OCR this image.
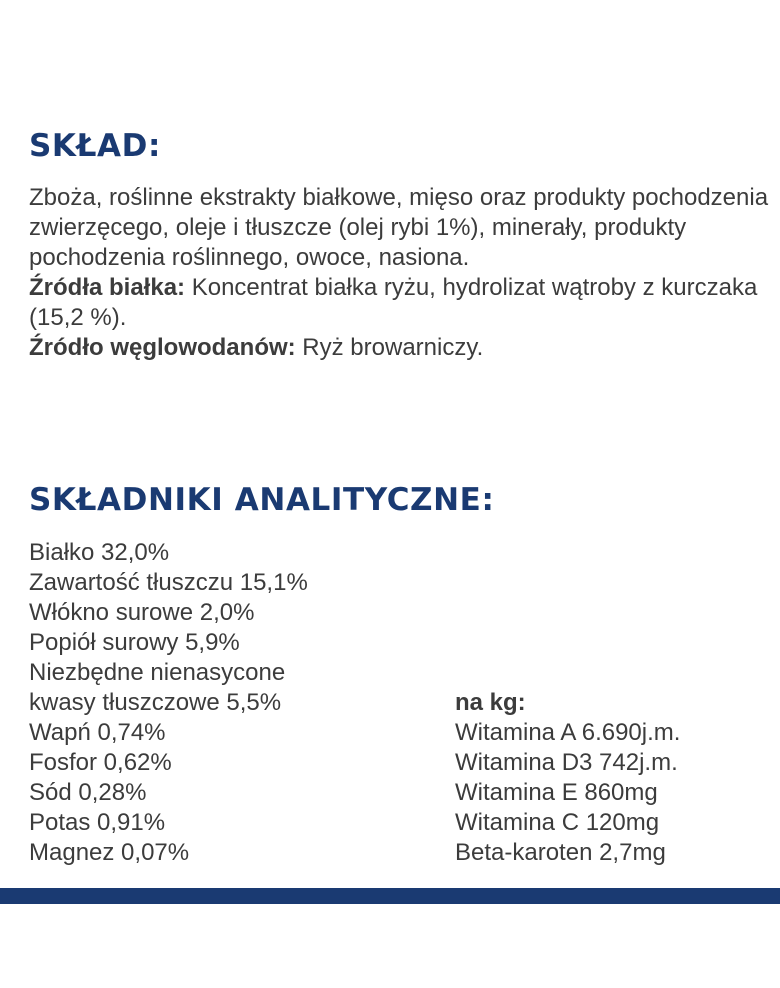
SKŁAD:

Zboża, roślinne ekstrakty białkowe, mięso oraz produkty pochodzenia zwierzęcego, oleje i tłuszcze (olej rybi 1%), minerały, produkty pochodzenia roślinnego, owoce, nasiona.
Źródła białka: Koncentrat białka ryżu, hydrolizat wątroby z kurczaka (15,2 %).
Źródło węglowodanów: Ryż browarniczy.

SKŁADNIKI ANALITYCZNE:
Białko 32,0%
Zawartość tłuszczu 15,1%
Włókno surowe 2,0%
Popiół surowy 5,9%
Niezbędne nienasycone
kwasy tłuszczowe 5,5%
Wapń 0,74%
Fosfor 0,62%
Sód 0,28%
Potas 0,91%
Magnez 0,07%
na kg:
Witamina A 6.690j.m.
Witamina D3 742j.m.
Witamina E 860mg
Witamina C 120mg
Beta-karoten 2,7mg
